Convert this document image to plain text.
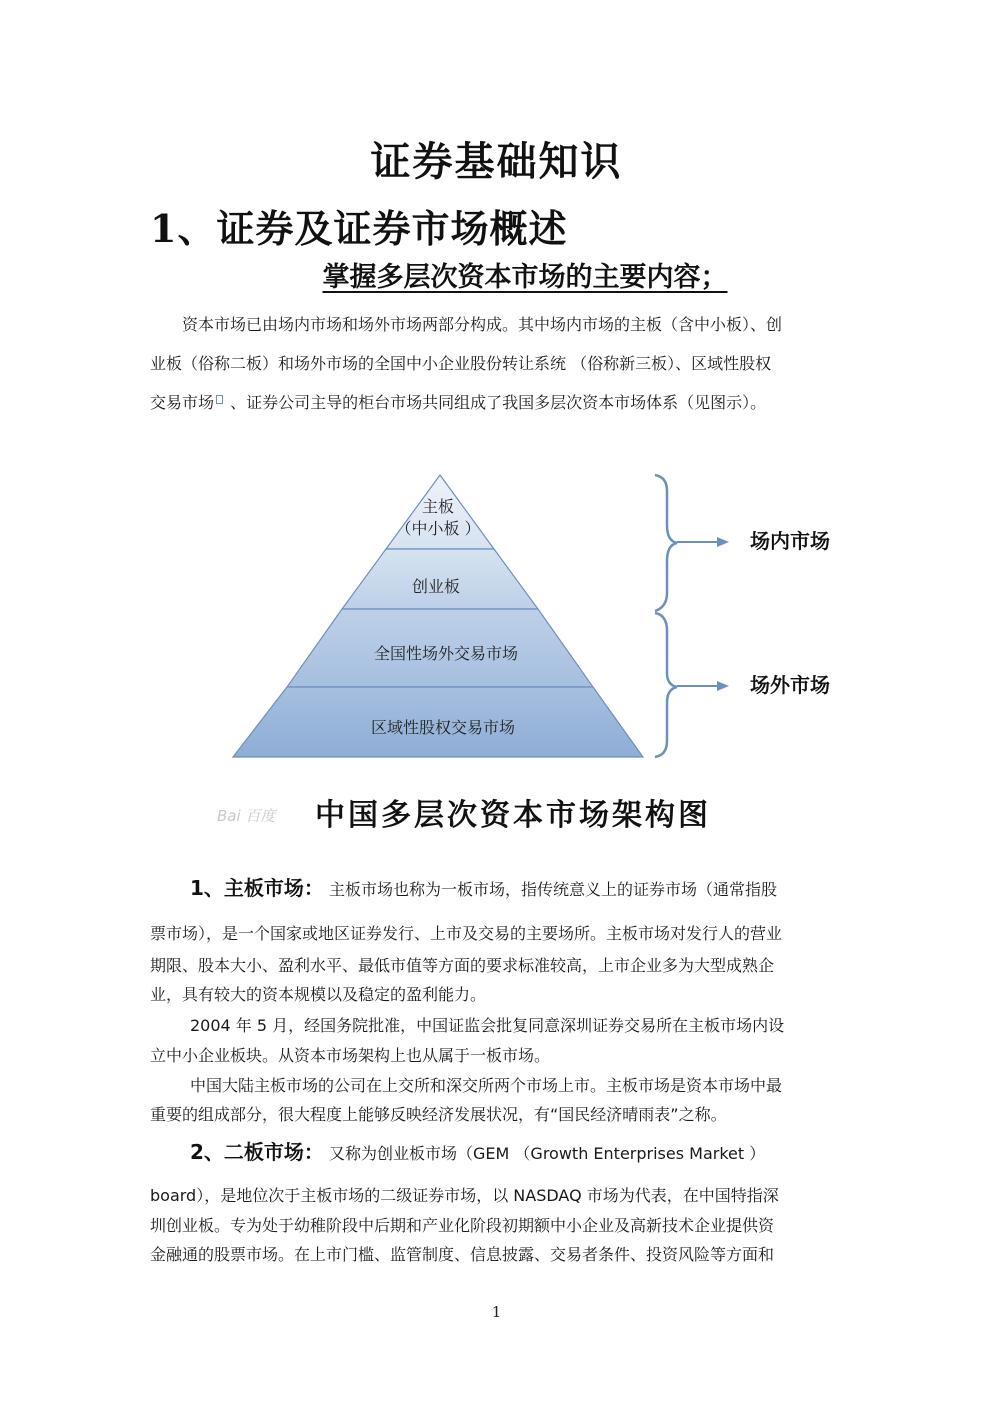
证券基础知识
1、证券及证券市场概述
掌握多层次资本市场的主要内容；
资本市场已由场内市场和场外市场两部分构成。其中场内市场的主板（含中小板）、创
业板（俗称二板）和场外市场的全国中小企业股份转让系统 （俗称新三板）、区域性股权
交易市场 、证券公司主导的柜台市场共同组成了我国多层次资本市场体系（见图示）。
主板
（中小板 ）
创业板
全国性场外交易市场
区域性股权交易市场
场内市场
场外市场
Bai 百度 中国多层次资本市场架构图
1、主板市场： 主板市场也称为一板市场，指传统意义上的证券市场（通常指股
票市场），是一个国家或地区证券发行、上市及交易的主要场所。主板市场对发行人的营业
期限、股本大小、盈利水平、最低市值等方面的要求标准较高，上市企业多为大型成熟企
业，具有较大的资本规模以及稳定的盈利能力。
2004 年 5 月，经国务院批准，中国证监会批复同意深圳证券交易所在主板市场内设
立中小企业板块。从资本市场架构上也从属于一板市场。
中国大陆主板市场的公司在上交所和深交所两个市场上市。主板市场是资本市场中最
重要的组成部分，很大程度上能够反映经济发展状况，有“国民经济晴雨表”之称。
2、二板市场： 又称为创业板市场（GEM （Growth Enterprises Market ）
board），是地位次于主板市场的二级证券市场，以 NASDAQ 市场为代表，在中国特指深
圳创业板。专为处于幼稚阶段中后期和产业化阶段初期额中小企业及高新技术企业提供资
金融通的股票市场。在上市门槛、监管制度、信息披露、交易者条件、投资风险等方面和
1
